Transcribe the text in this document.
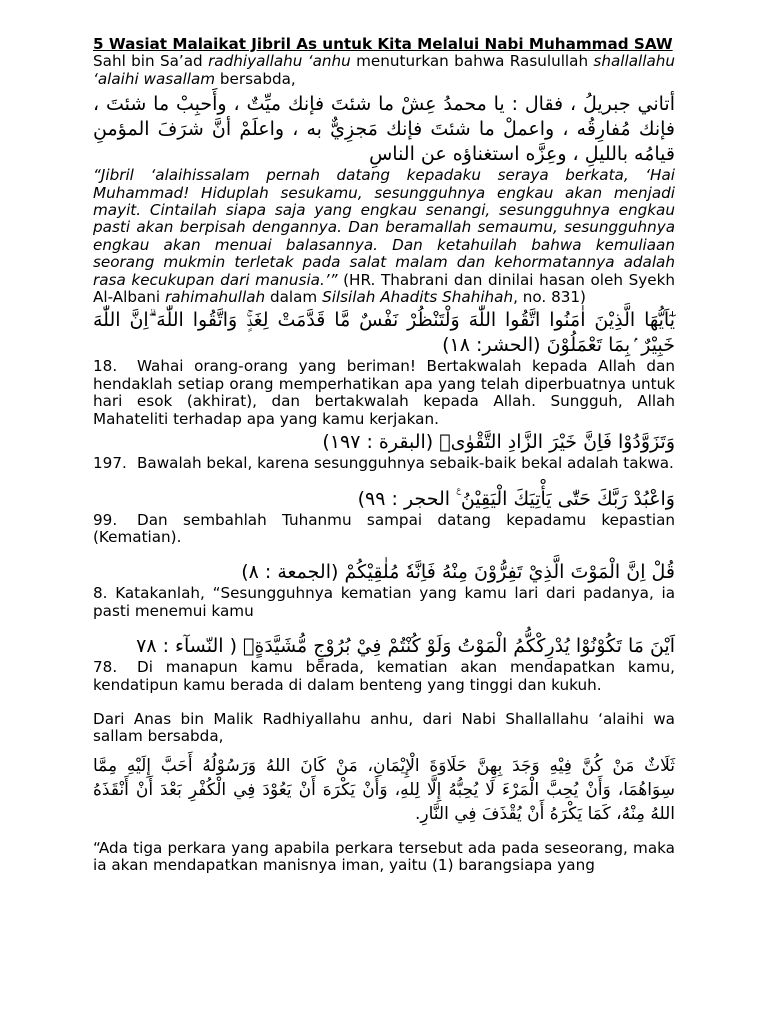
5 Wasiat Malaikat Jibril As untuk Kita Melalui Nabi Muhammad SAW

Sahl bin Sa’ad radhiyallahu ‘anhu menuturkan bahwa Rasulullah shallallahu ‘alaihi wasallam bersabda,

أتاني جبريلُ ، فقال : يا محمدُ عِشْ ما شئتَ فإنك ميِّتٌ ، وأَحبِبْ ما شئتَ ، فإنك مُفارِقُه ، واعملْ ما شئتَ فإنك مَجزِيٌّ به ، واعلَمْ أنَّ شرَفَ المؤمنِ قيامُه بالليلِ ، وعِزَّه استغناؤه عن الناسِ

“Jibril ‘alaihissalam pernah datang kepadaku seraya berkata, ‘Hai Muhammad! Hiduplah sesukamu, sesungguhnya engkau akan menjadi mayit. Cintailah siapa saja yang engkau senangi, sesungguhnya engkau pasti akan berpisah dengannya. Dan beramallah semaumu, sesungguhnya engkau akan menuai balasannya. Dan ketahuilah bahwa kemuliaan seorang mukmin terletak pada salat malam dan kehormatannya adalah rasa kecukupan dari manusia.’” (HR. Thabrani dan dinilai hasan oleh Syekh Al-Albani rahimahullah dalam Silsilah Ahadits Shahihah, no. 831)

يٰٓاَيُّهَا الَّذِيْنَ اٰمَنُوا اتَّقُوا اللّٰهَ وَلْتَنْظُرْ نَفْسٌ مَّا قَدَّمَتْ لِغَدٍۚ وَاتَّقُوا اللّٰهَ ۗاِنَّ اللّٰهَ خَبِيْرٌ ۢبِمَا تَعْمَلُوْنَ (الحشر: ١٨)

18. Wahai orang-orang yang beriman! Bertakwalah kepada Allah dan hendaklah setiap orang memperhatikan apa yang telah diperbuatnya untuk hari esok (akhirat), dan bertakwalah kepada Allah. Sungguh, Allah Mahateliti terhadap apa yang kamu kerjakan.

وَتَزَوَّدُوْا فَاِنَّ خَيْرَ الزَّادِ التَّقْوٰىۖ (البقرة : ١٩٧)

197. Bawalah bekal, karena sesungguhnya sebaik-baik bekal adalah takwa.

وَاعْبُدْ رَبَّكَ حَتّٰى يَأْتِيَكَ الْيَقِيْنُ ࣖ الحجر : ٩٩)

99. Dan sembahlah Tuhanmu sampai datang kepadamu kepastian (Kematian).

قُلْ اِنَّ الْمَوْتَ الَّذِيْ تَفِرُّوْنَ مِنْهُ فَاِنَّهٗ مُلٰقِيْكُمْ (الجمعة : ٨)

8. Katakanlah, “Sesungguhnya kematian yang kamu lari dari padanya, ia pasti menemui kamu

اَيْنَ مَا تَكُوْنُوْا يُدْرِكْكُّمُ الْمَوْتُ وَلَوْ كُنْتُمْ فِيْ بُرُوْجٍ مُّشَيَّدَةٍۗ ( النّسآء : ٧٨

78. Di manapun kamu berada, kematian akan mendapatkan kamu, kendatipun kamu berada di dalam benteng yang tinggi dan kukuh.

Dari Anas bin Malik Radhiyallahu anhu, dari Nabi Shallallahu ‘alaihi wa sallam bersabda,

ثَلَاثٌ مَنْ كُنَّ فِيْهِ وَجَدَ بِهِنَّ حَلَاوَةَ الْإِيْمَانِ، مَنْ كَانَ اللهُ وَرَسُوْلُهُ أَحَبَّ إِلَيْهِ مِمَّا سِوَاهُمَا، وَأَنْ يُحِبَّ الْمَرْءَ لَا يُحِبُّهُ إِلَّا لِلهِ، وَأَنْ يَكْرَهَ أَنْ يَعُوْدَ فِي الْكُفْرِ بَعْدَ أَنْ أَنْقَذَهُ اللهُ مِنْهُ، كَمَا يَكْرَهُ أَنْ يُقْذَفَ فِي النَّارِ.

“Ada tiga perkara yang apabila perkara tersebut ada pada seseorang, maka ia akan mendapatkan manisnya iman, yaitu (1) barangsiapa yang
